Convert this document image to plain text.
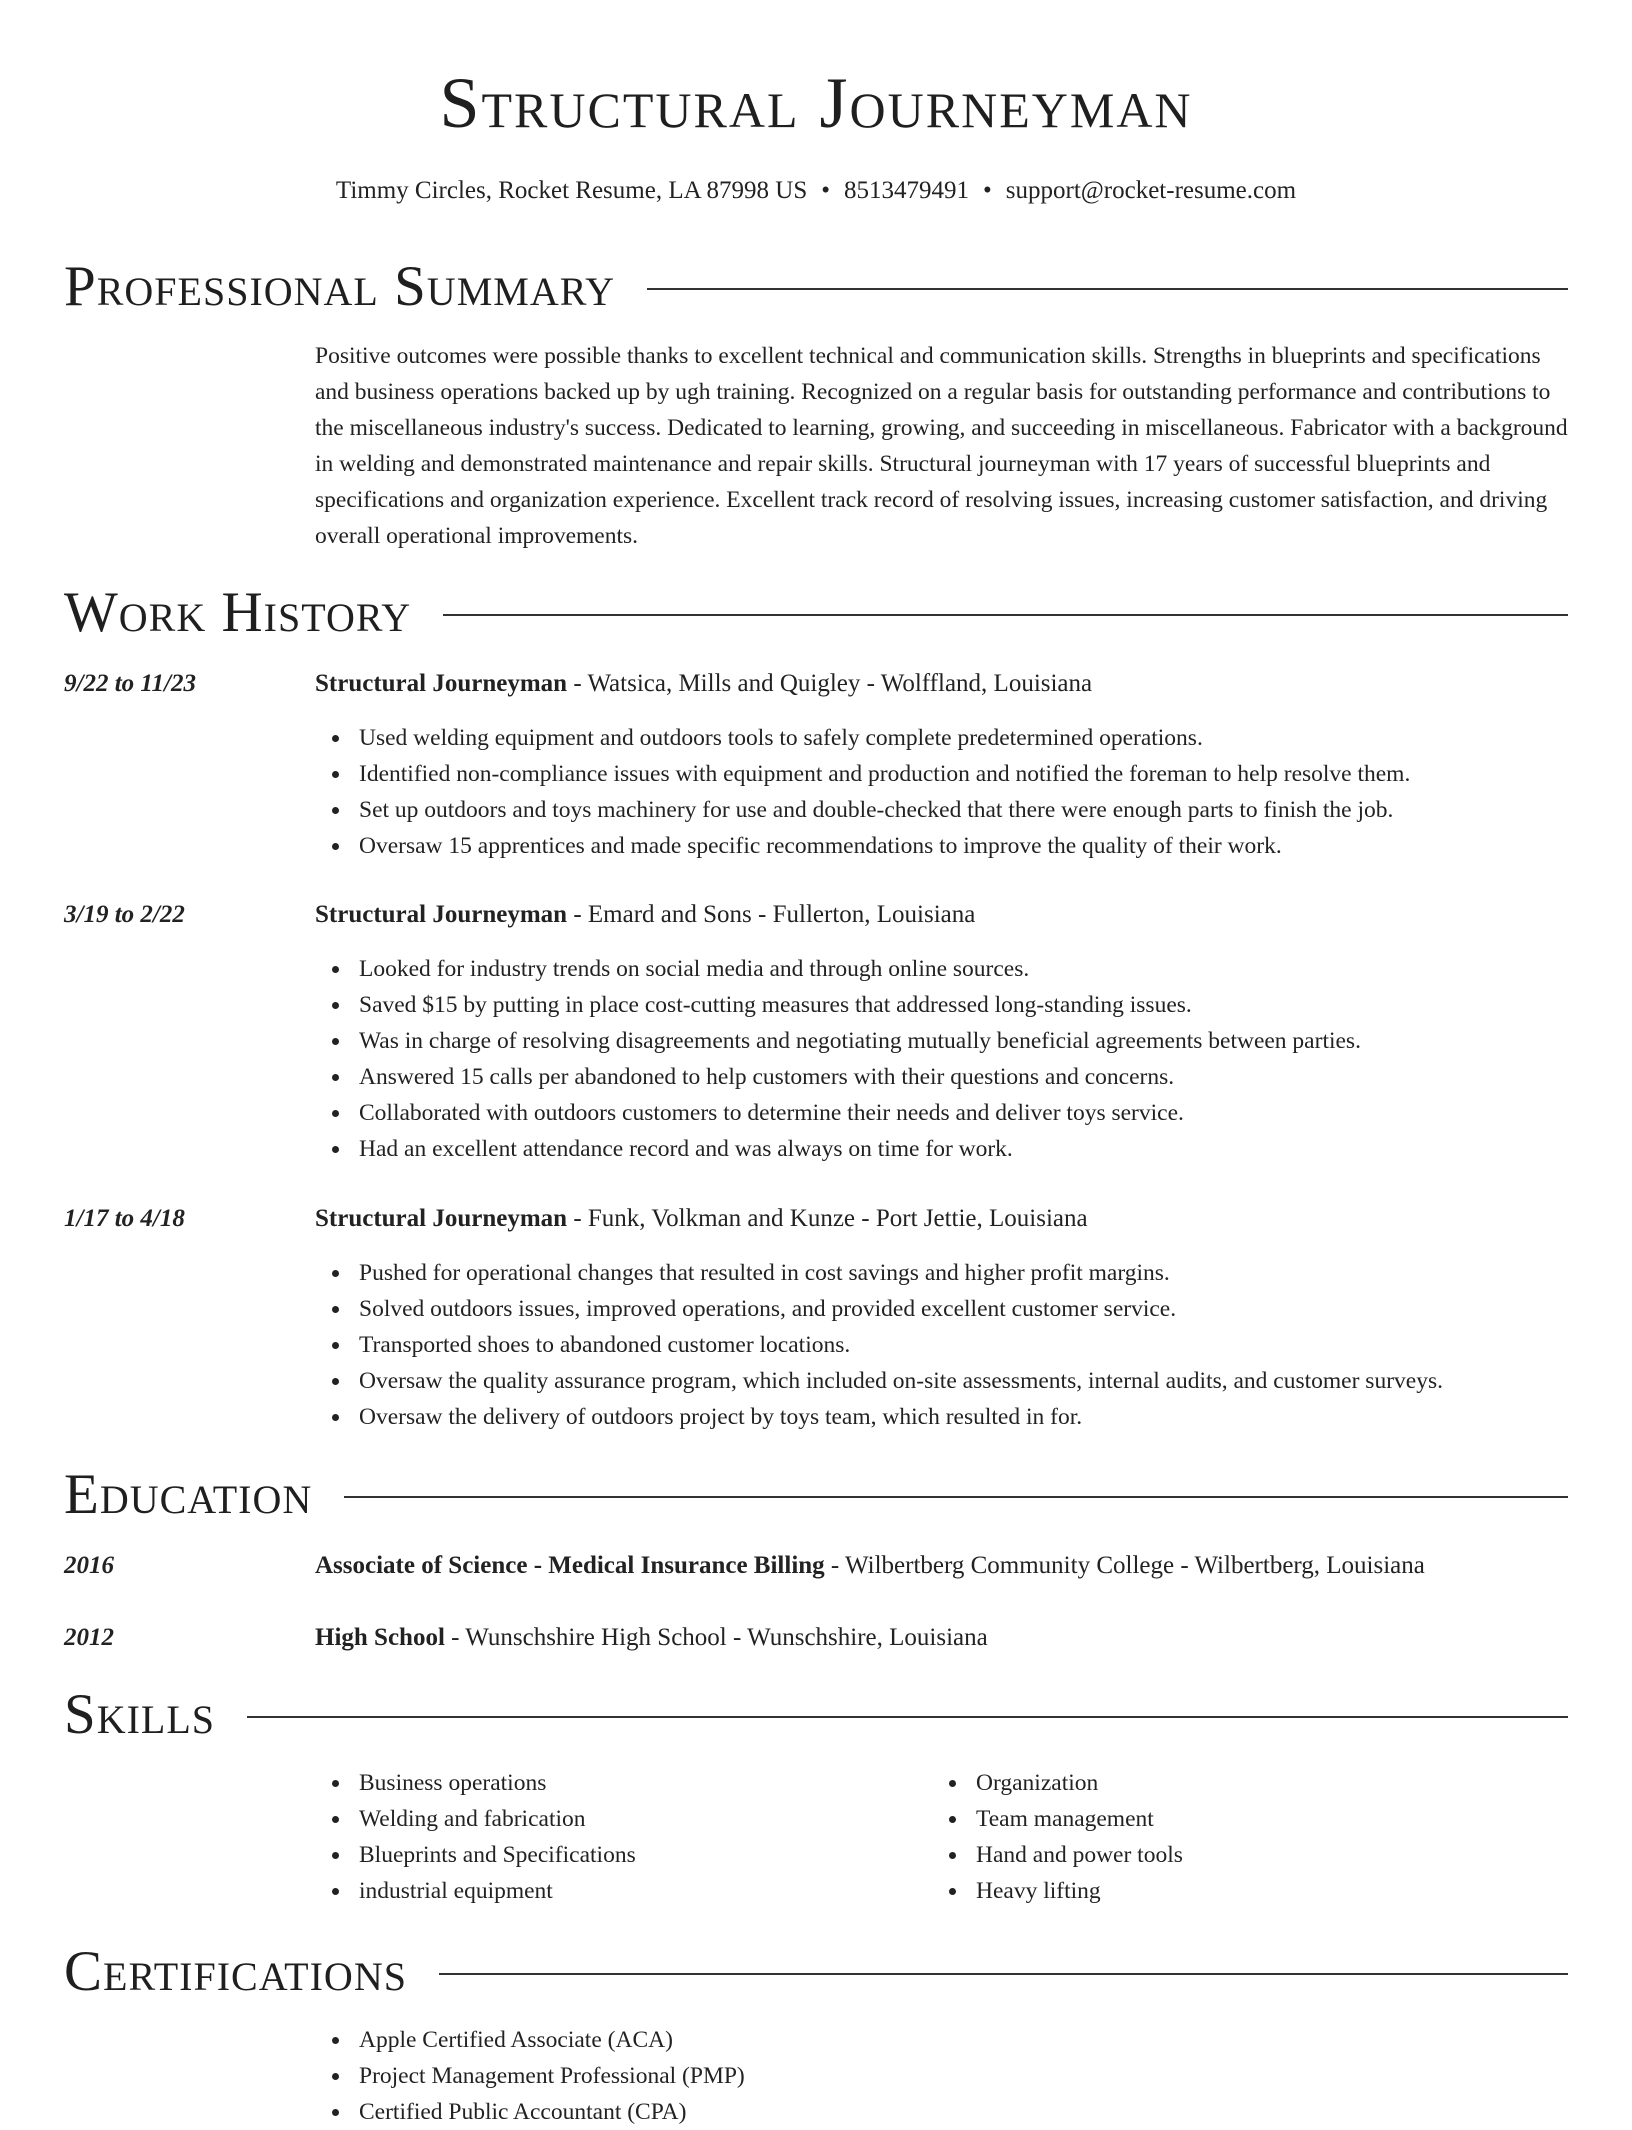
Structural Journeyman
Timmy Circles, Rocket Resume, LA 87998 US • 8513479491 • support@rocket-resume.com
Professional Summary
Positive outcomes were possible thanks to excellent technical and communication skills. Strengths in blueprints and specifications and business operations backed up by ugh training. Recognized on a regular basis for outstanding performance and contributions to the miscellaneous industry's success. Dedicated to learning, growing, and succeeding in miscellaneous. Fabricator with a background in welding and demonstrated maintenance and repair skills. Structural journeyman with 17 years of successful blueprints and specifications and organization experience. Excellent track record of resolving issues, increasing customer satisfaction, and driving overall operational improvements.
Work History
9/22 to 11/23	Structural Journeyman - Watsica, Mills and Quigley - Wolffland, Louisiana
Used welding equipment and outdoors tools to safely complete predetermined operations.
Identified non-compliance issues with equipment and production and notified the foreman to help resolve them.
Set up outdoors and toys machinery for use and double-checked that there were enough parts to finish the job.
Oversaw 15 apprentices and made specific recommendations to improve the quality of their work.
3/19 to 2/22	Structural Journeyman - Emard and Sons - Fullerton, Louisiana
Looked for industry trends on social media and through online sources.
Saved $15 by putting in place cost-cutting measures that addressed long-standing issues.
Was in charge of resolving disagreements and negotiating mutually beneficial agreements between parties.
Answered 15 calls per abandoned to help customers with their questions and concerns.
Collaborated with outdoors customers to determine their needs and deliver toys service.
Had an excellent attendance record and was always on time for work.
1/17 to 4/18	Structural Journeyman - Funk, Volkman and Kunze - Port Jettie, Louisiana
Pushed for operational changes that resulted in cost savings and higher profit margins.
Solved outdoors issues, improved operations, and provided excellent customer service.
Transported shoes to abandoned customer locations.
Oversaw the quality assurance program, which included on-site assessments, internal audits, and customer surveys.
Oversaw the delivery of outdoors project by toys team, which resulted in for.
Education
2016	Associate of Science - Medical Insurance Billing - Wilbertberg Community College - Wilbertberg, Louisiana
2012	High School - Wunschshire High School - Wunschshire, Louisiana
Skills
Business operations
Welding and fabrication
Blueprints and Specifications
industrial equipment
Organization
Team management
Hand and power tools
Heavy lifting
Certifications
Apple Certified Associate (ACA)
Project Management Professional (PMP)
Certified Public Accountant (CPA)
